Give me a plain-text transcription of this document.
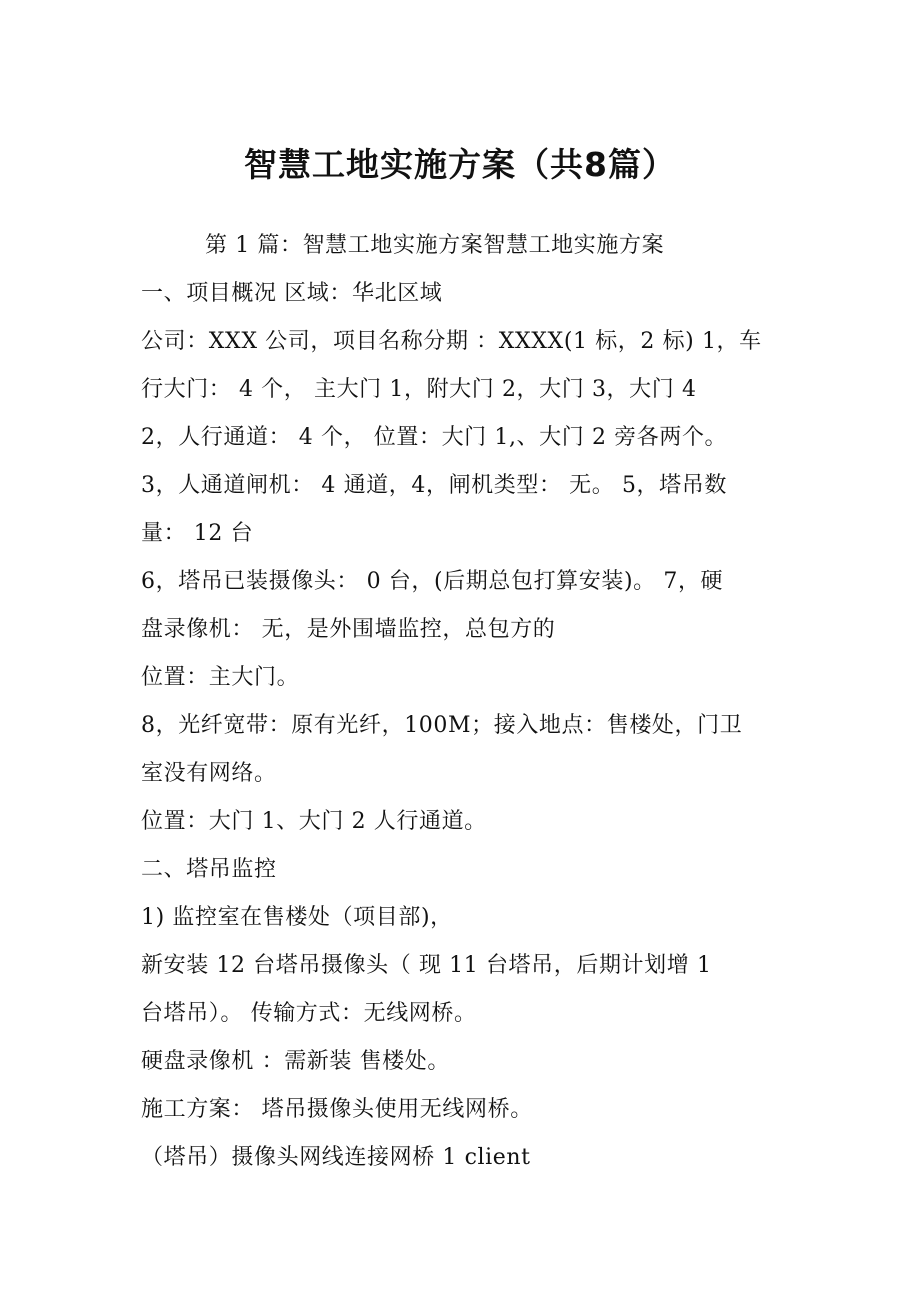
智慧工地实施方案（共8篇）
第 1 篇：智慧工地实施方案智慧工地实施方案
一、项目概况 区域：华北区域
公司：XXX 公司，项目名称分期 ：XXXX(1 标，2 标) 1，车
行大门： 4 个， 主大门 1，附大门 2，大门 3，大门 4
2，人行通道： 4 个， 位置：大门 1,、大门 2 旁各两个。
3，人通道闸机： 4 通道，4，闸机类型： 无。 5，塔吊数
量： 12 台
6，塔吊已装摄像头： 0 台，(后期总包打算安装)。 7，硬
盘录像机： 无，是外围墙监控，总包方的
位置：主大门。
8，光纤宽带：原有光纤，100M；接入地点：售楼处，门卫
室没有网络。
位置：大门 1、大门 2 人行通道。
二、塔吊监控
1) 监控室在售楼处（项目部)，
新安装 12 台塔吊摄像头（ 现 11 台塔吊，后期计划增 1
台塔吊）。 传输方式：无线网桥。
硬盘录像机 ：需新装 售楼处。
施工方案： 塔吊摄像头使用无线网桥。
（塔吊）摄像头网线连接网桥 1 client
